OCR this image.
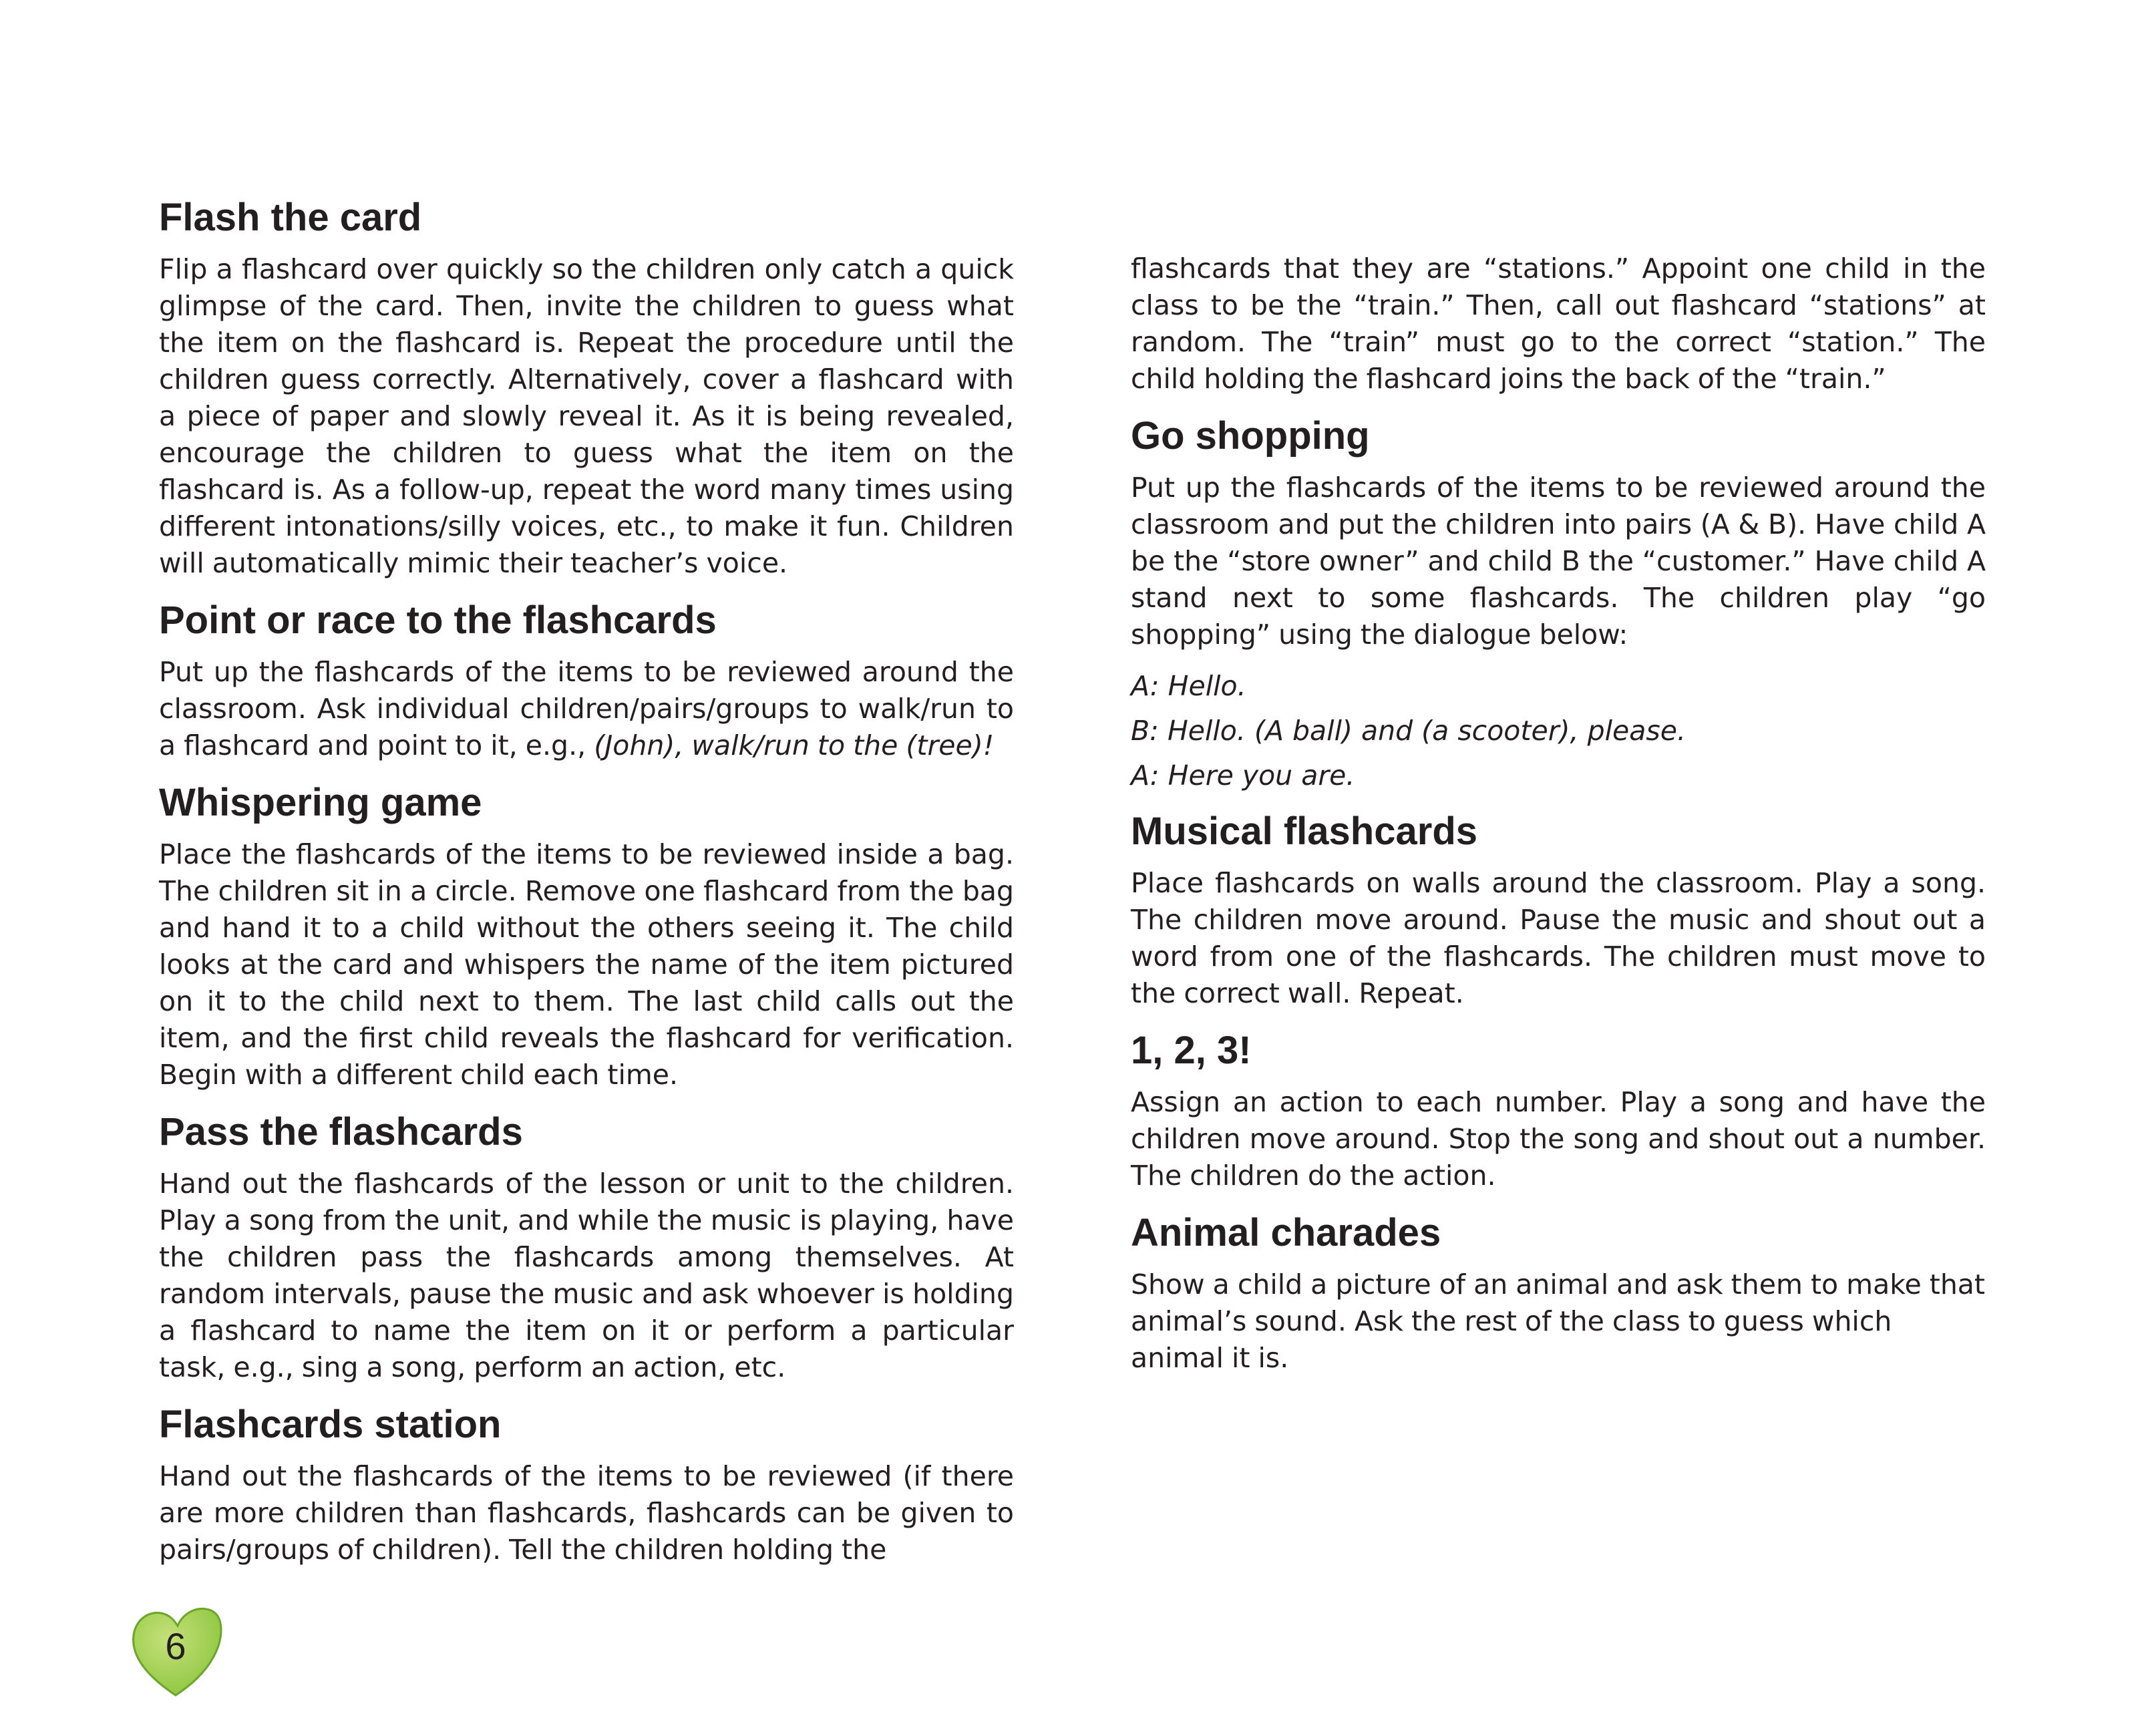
Flash the card

Flip a flashcard over quickly so the children only catch a quick glimpse of the card. Then, invite the children to guess what the item on the flashcard is. Repeat the procedure until the children guess correctly. Alternatively, cover a flashcard with a piece of paper and slowly reveal it. As it is being revealed, encourage the children to guess what the item on the flashcard is. As a follow-up, repeat the word many times using different intonations/silly voices, etc., to make it fun. Children will automatically mimic their teacher’s voice.

Point or race to the flashcards

Put up the flashcards of the items to be reviewed around the classroom. Ask individual children/pairs/groups to walk/run to a flashcard and point to it, e.g., (John), walk/run to the (tree)!

Whispering game

Place the flashcards of the items to be reviewed inside a bag. The children sit in a circle. Remove one flashcard from the bag and hand it to a child without the others seeing it. The child looks at the card and whispers the name of the item pictured on it to the child next to them. The last child calls out the item, and the first child reveals the flashcard for verification. Begin with a different child each time.

Pass the flashcards

Hand out the flashcards of the lesson or unit to the children. Play a song from the unit, and while the music is playing, have the children pass the flashcards among themselves. At random intervals, pause the music and ask whoever is holding a flashcard to name the item on it or perform a particular task, e.g., sing a song, perform an action, etc.

Flashcards station

Hand out the flashcards of the items to be reviewed (if there are more children than flashcards, flashcards can be given to pairs/groups of children). Tell the children holding the

flashcards that they are “stations.” Appoint one child in the class to be the “train.” Then, call out flashcard “stations” at random. The “train” must go to the correct “station.” The child holding the flashcard joins the back of the “train.”

Go shopping

Put up the flashcards of the items to be reviewed around the classroom and put the children into pairs (A & B). Have child A be the “store owner” and child B the “customer.” Have child A stand next to some flashcards. The children play “go shopping” using the dialogue below:

A: Hello.

B: Hello. (A ball) and (a scooter), please.

A: Here you are.

Musical flashcards

Place flashcards on walls around the classroom. Play a song. The children move around. Pause the music and shout out a word from one of the flashcards. The children must move to the correct wall. Repeat.

1, 2, 3!

Assign an action to each number. Play a song and have the children move around. Stop the song and shout out a number. The children do the action.

Animal charades

Show a child a picture of an animal and ask them to make that animal’s sound. Ask the rest of the class to guess which animal it is.

6
